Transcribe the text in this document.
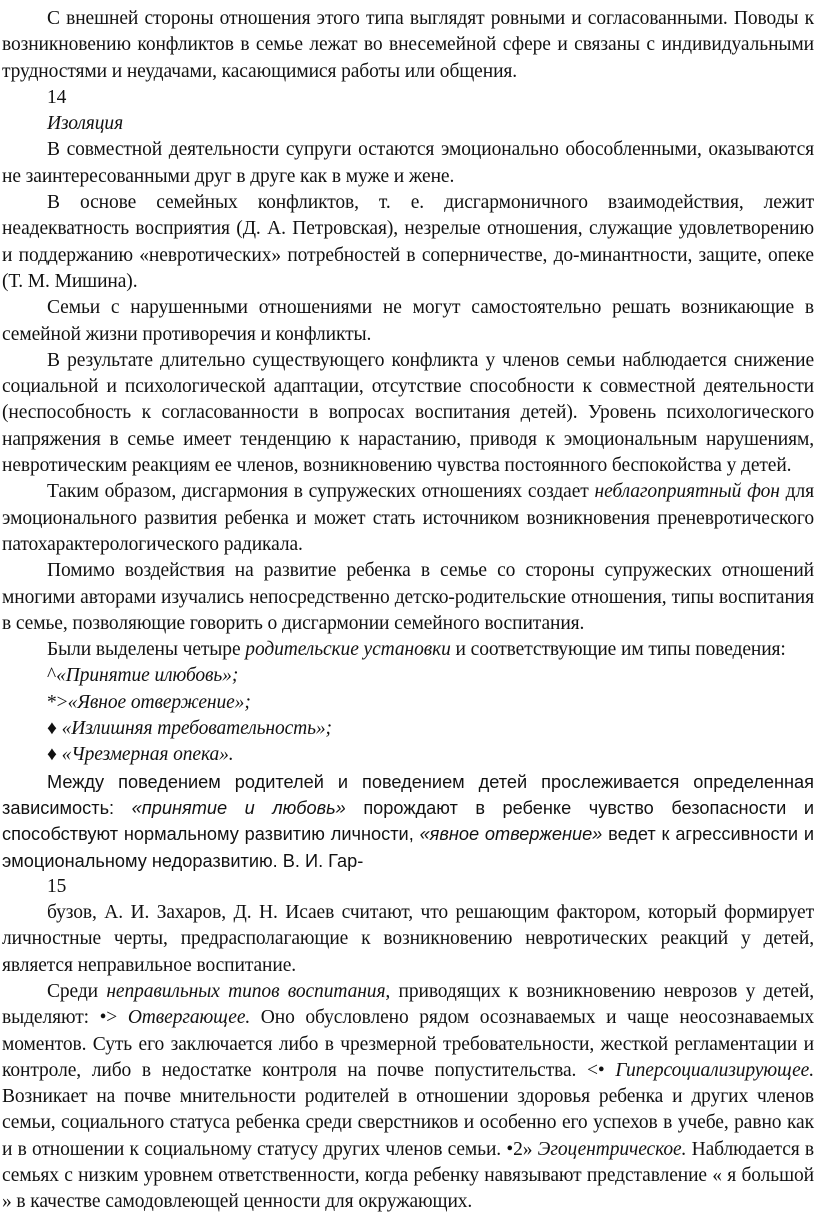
С внешней стороны отношения этого типа выглядят ровными и согласованными. Поводы к возникновению конфликтов в семье лежат во внесемейной сфере и связаны с индивидуальными трудностями и неудачами, касающимися работы или общения.

14

Изоляция

В совместной деятельности супруги остаются эмоционально обособленными, оказываются не заинтересованными друг в друге как в муже и жене.

В основе семейных конфликтов, т. е. дисгармоничного взаимодействия, лежит неадекватность восприятия (Д. А. Петровская), незрелые отношения, служащие удовлетворению и поддержанию «невротических» потребностей в соперничестве, до-минантности, защите, опеке (Т. М. Мишина).

Семьи с нарушенными отношениями не могут самостоятельно решать возникающие в семейной жизни противоречия и конфликты.

В результате длительно существующего конфликта у членов семьи наблюдается снижение социальной и психологической адаптации, отсутствие способности к совместной деятельности (неспособность к согласованности в вопросах воспитания детей). Уровень психологического напряжения в семье имеет тенденцию к нарастанию, приводя к эмоциональным нарушениям, невротическим реакциям ее членов, возникновению чувства постоянного беспокойства у детей.

Таким образом, дисгармония в супружеских отношениях создает неблагоприятный фон для эмоционального развития ребенка и может стать источником возникновения преневротического патохарактерологического радикала.

Помимо воздействия на развитие ребенка в семье со стороны супружеских отношений многими авторами изучались непосредственно детско-родительские отношения, типы воспитания в семье, позволяющие говорить о дисгармонии семейного воспитания.

Были выделены четыре родительские установки и соответствующие им типы поведения:

^«Принятие илюбовь»;

*>«Явное отвержение»;

♦ «Излишняя требовательность»;

♦ «Чрезмерная опека».

Между поведением родителей и поведением детей прослеживается определенная зависимость: «принятие и любовь» порождают в ребенке чувство безопасности и способствуют нормальному развитию личности, «явное отвержение» ведет к агрессивности и эмоциональному недоразвитию. В. И. Гар-

15

бузов, А. И. Захаров, Д. Н. Исаев считают, что решающим фактором, который формирует личностные черты, предрасполагающие к возникновению невротических реакций у детей, является неправильное воспитание.

Среди неправильных типов воспитания, приводящих к возникновению неврозов у детей, выделяют: •> Отвергающее. Оно обусловлено рядом осознаваемых и чаще неосознаваемых моментов. Суть его заключается либо в чрезмерной требовательности, жесткой регламентации и контроле, либо в недостатке контроля на почве попустительства. <• Гиперсоциализирующее. Возникает на почве мнительности родителей в отношении здоровья ребенка и других членов семьи, социального статуса ребенка среди сверстников и особенно его успехов в учебе, равно как и в отношении к социальному статусу других членов семьи. •2» Эгоцентрическое. Наблюдается в семьях с низким уровнем ответственности, когда ребенку навязывают представление « я большой » в качестве самодовлеющей ценности для окружающих.
